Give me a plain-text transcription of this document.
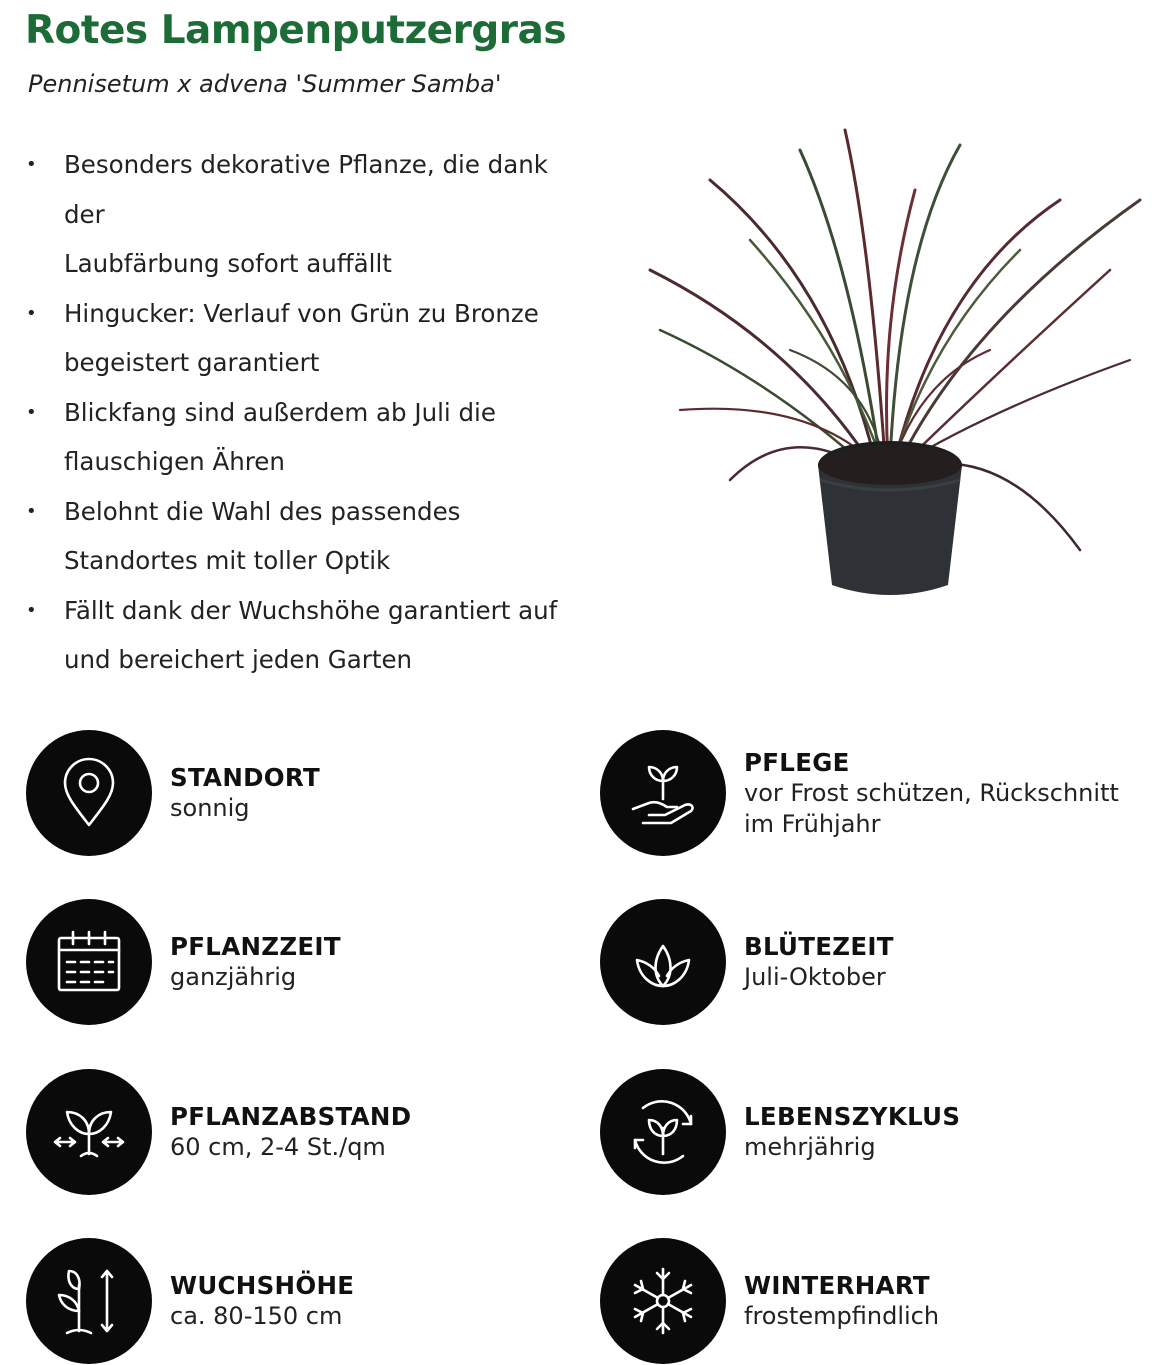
Rotes Lampenputzergras
Pennisetum x advena 'Summer Samba'
• Besonders dekorative Pflanze, die dank der
Laubfärbung sofort auffällt
• Hingucker: Verlauf von Grün zu Bronze
begeistert garantiert
• Blickfang sind außerdem ab Juli die
flauschigen Ähren
• Belohnt die Wahl des passendes
Standortes mit toller Optik
• Fällt dank der Wuchshöhe garantiert auf
und bereichert jeden Garten
STANDORT
sonnig
PFLEGE
vor Frost schützen, Rückschnitt
im Frühjahr
PFLANZZEIT
ganzjährig
BLÜTEZEIT
Juli-Oktober
PFLANZABSTAND
60 cm, 2-4 St./qm
LEBENSZYKLUS
mehrjährig
WUCHSHÖHE
ca. 80-150 cm
WINTERHART
frostempfindlich
